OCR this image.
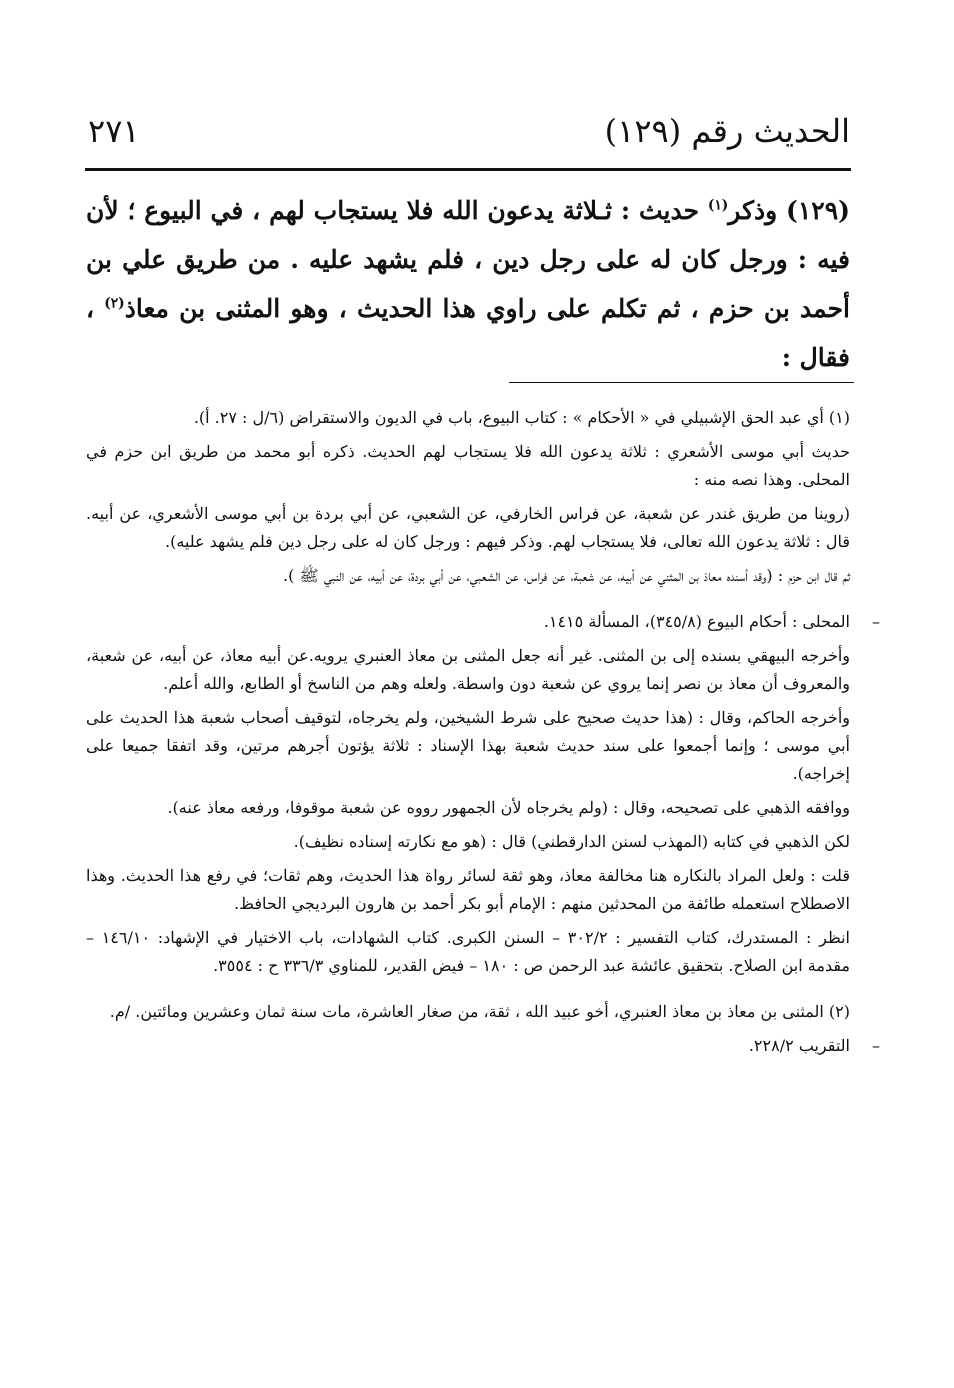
الحديث رقم (١٢٩)
٢٧١
(١٢٩) وذكر$^{(١)}$ حديث : ثـلاثة يدعون الله فلا يستجاب لهم ، في البيوع ؛ لأن فيه : ورجل كان له على رجل دين ، فلم يشهد عليه . من طريق علي بن أحمد بن حزم ، ثم تكلم على راوي هذا الحديث ، وهو المثنى بن معاذ$^{(٢)}$ ، فقال :

(١) أي عبد الحق الإشبيلي في « الأحكام » : كتاب البيوع، باب في الديون والاستقراض (٦/ل : ٢٧. أ).

حديث أبي موسى الأشعري : ثلاثة يدعون الله فلا يستجاب لهم الحديث. ذكره أبو محمد من طريق ابن حزم في المحلى. وهذا نصه منه :

(روينا من طريق غندر عن شعبة، عن فراس الخارفي، عن الشعبي، عن أبي بردة بن أبي موسى الأشعري، عن أبيه. قال : ثلاثة يدعون الله تعالى، فلا يستجاب لهم. وذكر فيهم : ورجل كان له على رجل دين فلم يشهد عليه).

ثم قال ابن حزم : (وقد أسنده معاذ بن المثني عن أبيه، عن شعبة، عن فراس، عن الشعبي، عن أبي بردة، عن أبيه، عن النبي ﷺ ).

–
المحلى : أحكام البيوع (٣٤٥/٨)، المسألة ١٤١٥.

وأخرجه البيهقي بسنده إلى بن المثنى. غير أنه جعل المثنى بن معاذ العنبري يرويه.عن أبيه معاذ، عن أبيه، عن شعبة، والمعروف أن معاذ بن نصر إنما يروي عن شعبة دون واسطة. ولعله وهم من الناسخ أو الطابع، والله أعلم.

وأخرجه الحاكم، وقال : (هذا حديث صحيح على شرط الشيخين، ولم يخرجاه، لتوقيف أصحاب شعبة هذا الحديث على أبي موسى ؛ وإنما أجمعوا على سند حديث شعبة بهذا الإسناد : ثلاثة يؤتون أجرهم مرتين، وقد اتفقا جميعا على إخراجه).

ووافقه الذهبي على تصحيحه، وقال : (ولم يخرجاه لأن الجمهور رووه عن شعبة موقوفا، ورفعه معاذ عنه).

لكن الذهبي في كتابه (المهذب لسنن الدارقطني) قال : (هو مع نكارته إسناده نظيف).

قلت : ولعل المراد بالنكاره هنا مخالفة معاذ، وهو ثقة لسائر رواة هذا الحديث، وهم ثقات؛ في رفع هذا الحديث. وهذا الاصطلاح استعمله طائفة من المحدثين منهم : الإمام أبو بكر أحمد بن هارون البرديجي الحافظ.

انظر : المستدرك، كتاب التفسير : ٣٠٢/٢ – السنن الكبرى. كتاب الشهادات، باب الاختيار في الإشهاد: ١٤٦/١٠ – مقدمة ابن الصلاح. بتحقيق عائشة عبد الرحمن ص : ١٨٠ – فيض القدير، للمناوي ٣٣٦/٣ ح : ٣٥٥٤.

(٢) المثنى بن معاذ بن معاذ العنبري، أخو عبيد الله ، ثقة، من صغار العاشرة، مات سنة ثمان وعشرين ومائتين. /م.

–
التقريب ٢٢٨/٢.
